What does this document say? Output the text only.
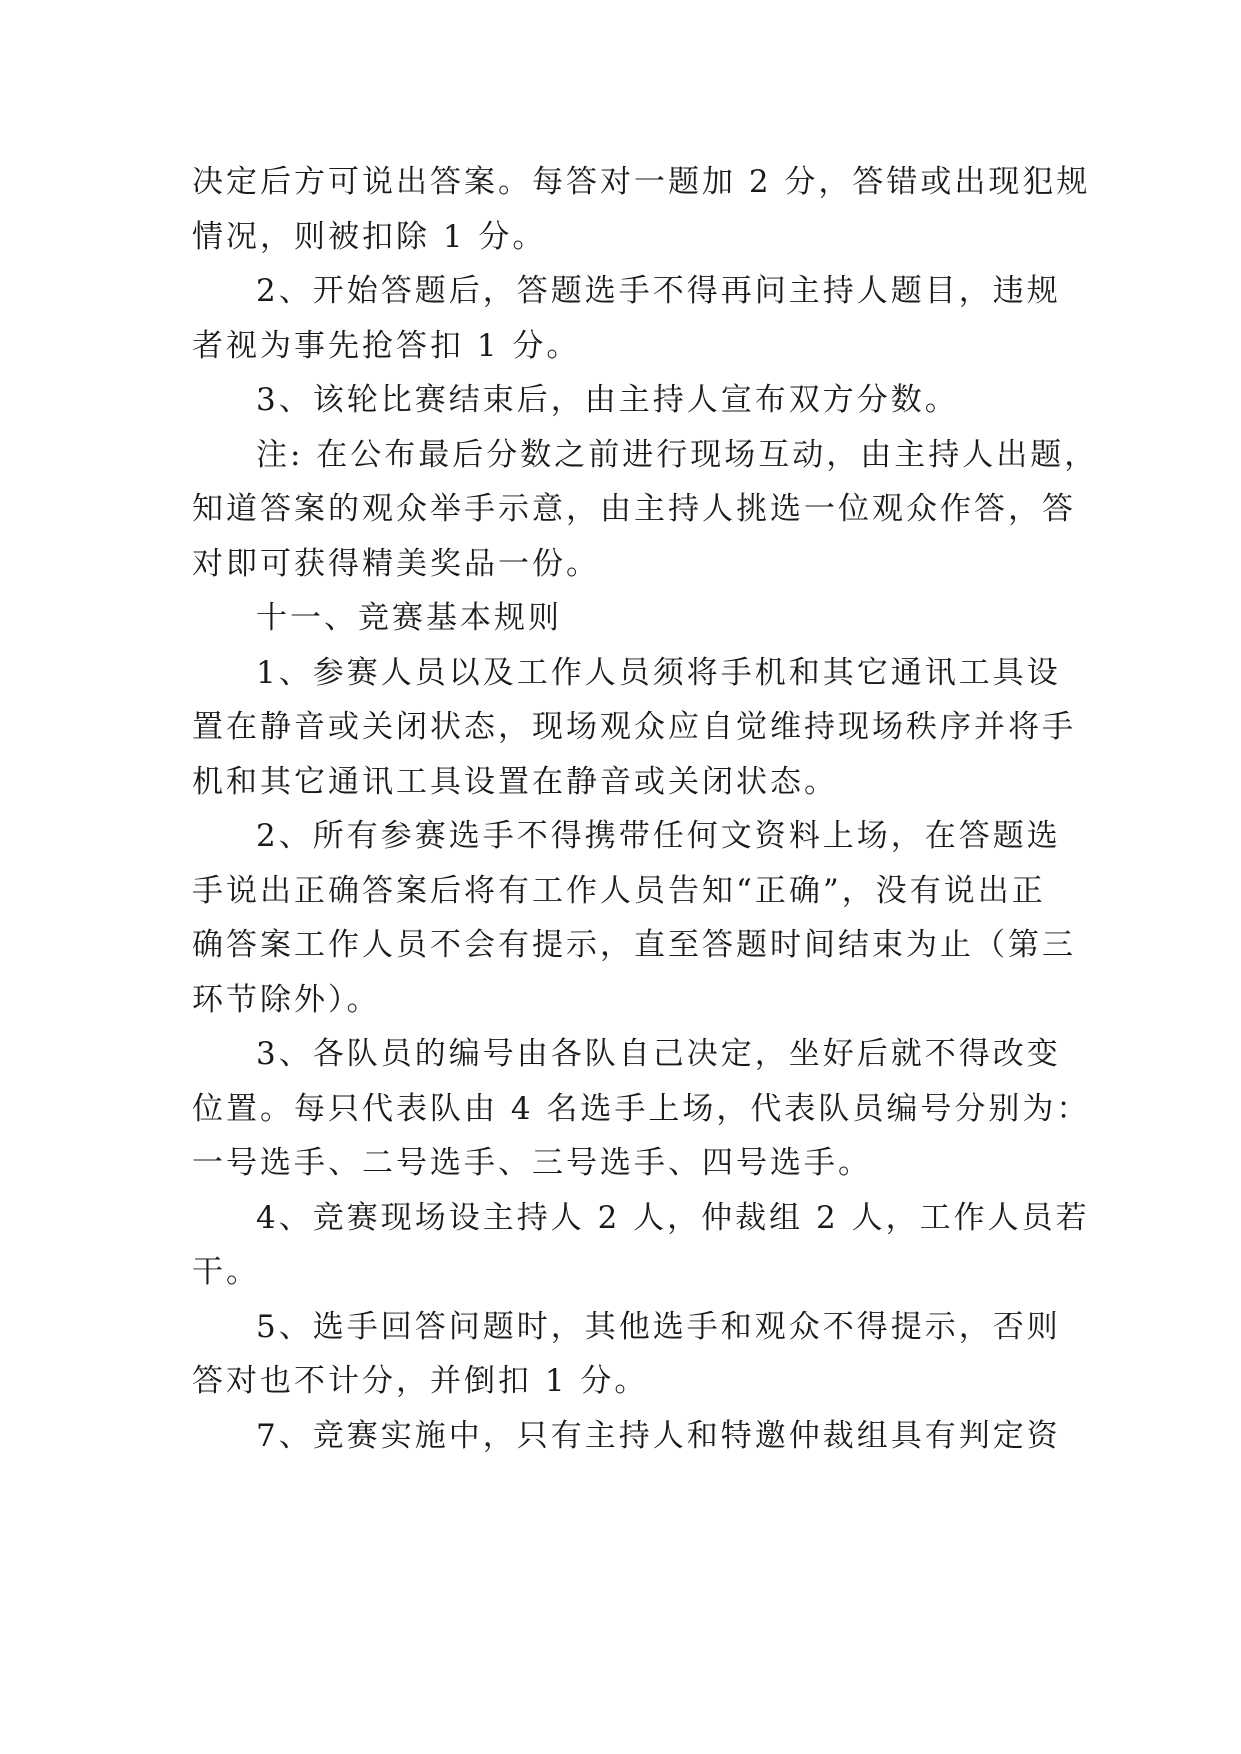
决定后方可说出答案。每答对一题加 2 分，答错或出现犯规

情况，则被扣除 1 分。

2、开始答题后，答题选手不得再问主持人题目，违规

者视为事先抢答扣 1 分。

3、该轮比赛结束后，由主持人宣布双方分数。

注: 在公布最后分数之前进行现场互动，由主持人出题，

知道答案的观众举手示意，由主持人挑选一位观众作答，答

对即可获得精美奖品一份。

十一、竞赛基本规则

1、参赛人员以及工作人员须将手机和其它通讯工具设

置在静音或关闭状态，现场观众应自觉维持现场秩序并将手

机和其它通讯工具设置在静音或关闭状态。

2、所有参赛选手不得携带任何文资料上场，在答题选

手说出正确答案后将有工作人员告知“正确”，没有说出正

确答案工作人员不会有提示，直至答题时间结束为止（第三

环节除外）。

3、各队员的编号由各队自己决定，坐好后就不得改变

位置。每只代表队由 4 名选手上场，代表队员编号分别为：

一号选手、二号选手、三号选手、四号选手。

4、竞赛现场设主持人 2 人，仲裁组 2 人，工作人员若

干。

5、选手回答问题时，其他选手和观众不得提示，否则

答对也不计分，并倒扣 1 分。

7、竞赛实施中，只有主持人和特邀仲裁组具有判定资
